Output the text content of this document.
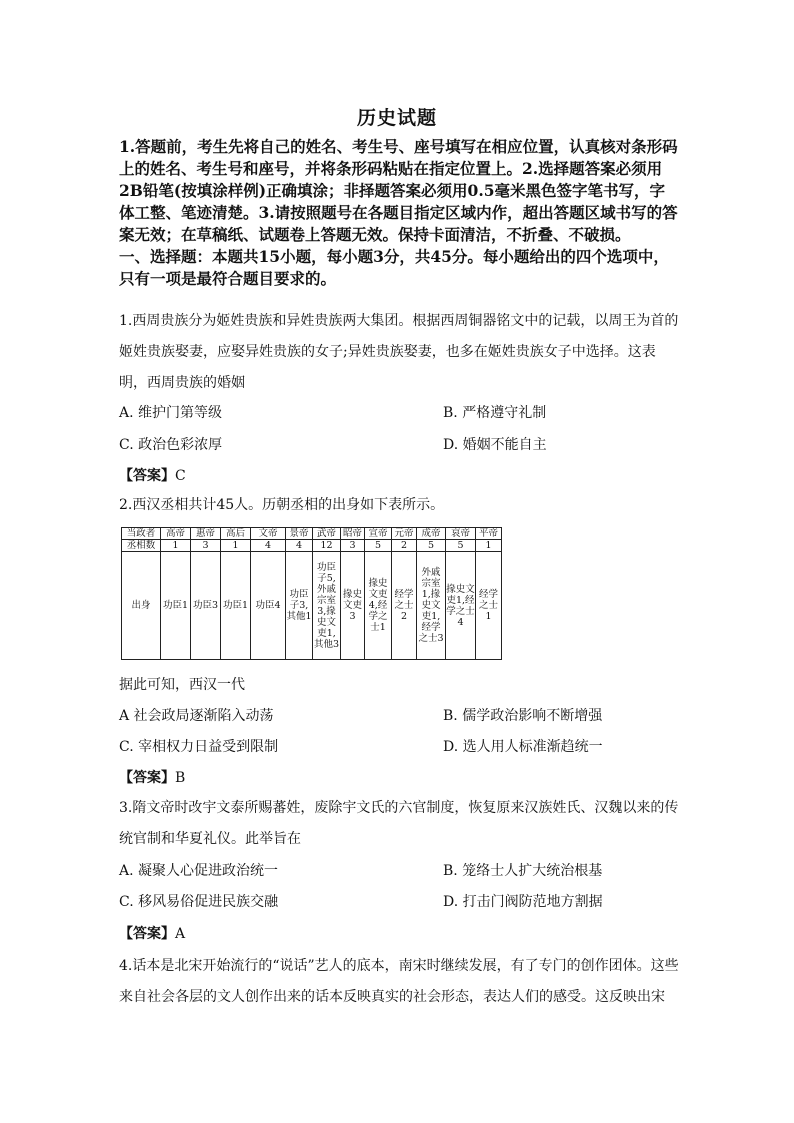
历史试题

1.答题前，考生先将自己的姓名、考生号、座号填写在相应位置，认真核对条形码上的姓名、考生号和座号，并将条形码粘贴在指定位置上。2.选择题答案必须用2B铅笔(按填涂样例)正确填涂；非择题答案必须用0.5毫米黑色签字笔书写，字体工整、笔迹清楚。3.请按照题号在各题目指定区域内作，超出答题区域书写的答案无效；在草稿纸、试题卷上答题无效。保持卡面清洁，不折叠、不破损。
一、选择题：本题共15小题，每小题3分，共45分。每小题给出的四个选项中，只有一项是最符合题目要求的。

1.西周贵族分为姬姓贵族和异姓贵族两大集团。根据西周铜器铭文中的记载，以周王为首的姬姓贵族娶妻，应娶异姓贵族的女子;异姓贵族娶妻，也多在姬姓贵族女子中选择。这表明，西周贵族的婚姻

A. 维护门第等级	B. 严格遵守礼制
C. 政治色彩浓厚	D. 婚姻不能自主
【答案】C

2.西汉丞相共计45人。历朝丞相的出身如下表所示。

当政者	高帝	惠帝	高后	文帝	景帝	武帝	昭帝	宣帝	元帝	成帝	哀帝	平帝
丞相数	1	3	1	4	4	12	3	5	2	5	5	1
出身	功臣1	功臣3	功臣1	功臣4	功臣子3,其他1	功臣子5,外戚宗室3,掾史文吏1,其他3	掾史文吏3	掾史文吏4,经学之士1	经学之士2	外戚宗室1,掾史文吏1,经学之士3	掾史文吏1,经学之士4	经学之士1
据此可知，西汉一代
A 社会政局逐渐陷入动荡	B. 儒学政治影响不断增强
C. 宰相权力日益受到限制	D. 选人用人标准渐趋统一
【答案】B

3.隋文帝时改宇文泰所赐蕃姓，废除宇文氏的六官制度，恢复原来汉族姓氏、汉魏以来的传统官制和华夏礼仪。此举旨在

A. 凝聚人心促进政治统一	B. 笼络士人扩大统治根基
C. 移风易俗促进民族交融	D. 打击门阀防范地方割据
【答案】A

4.话本是北宋开始流行的“说话”艺人的底本，南宋时继续发展，有了专门的创作团体。这些来自社会各层的文人创作出来的话本反映真实的社会形态，表达人们的感受。这反映出宋
